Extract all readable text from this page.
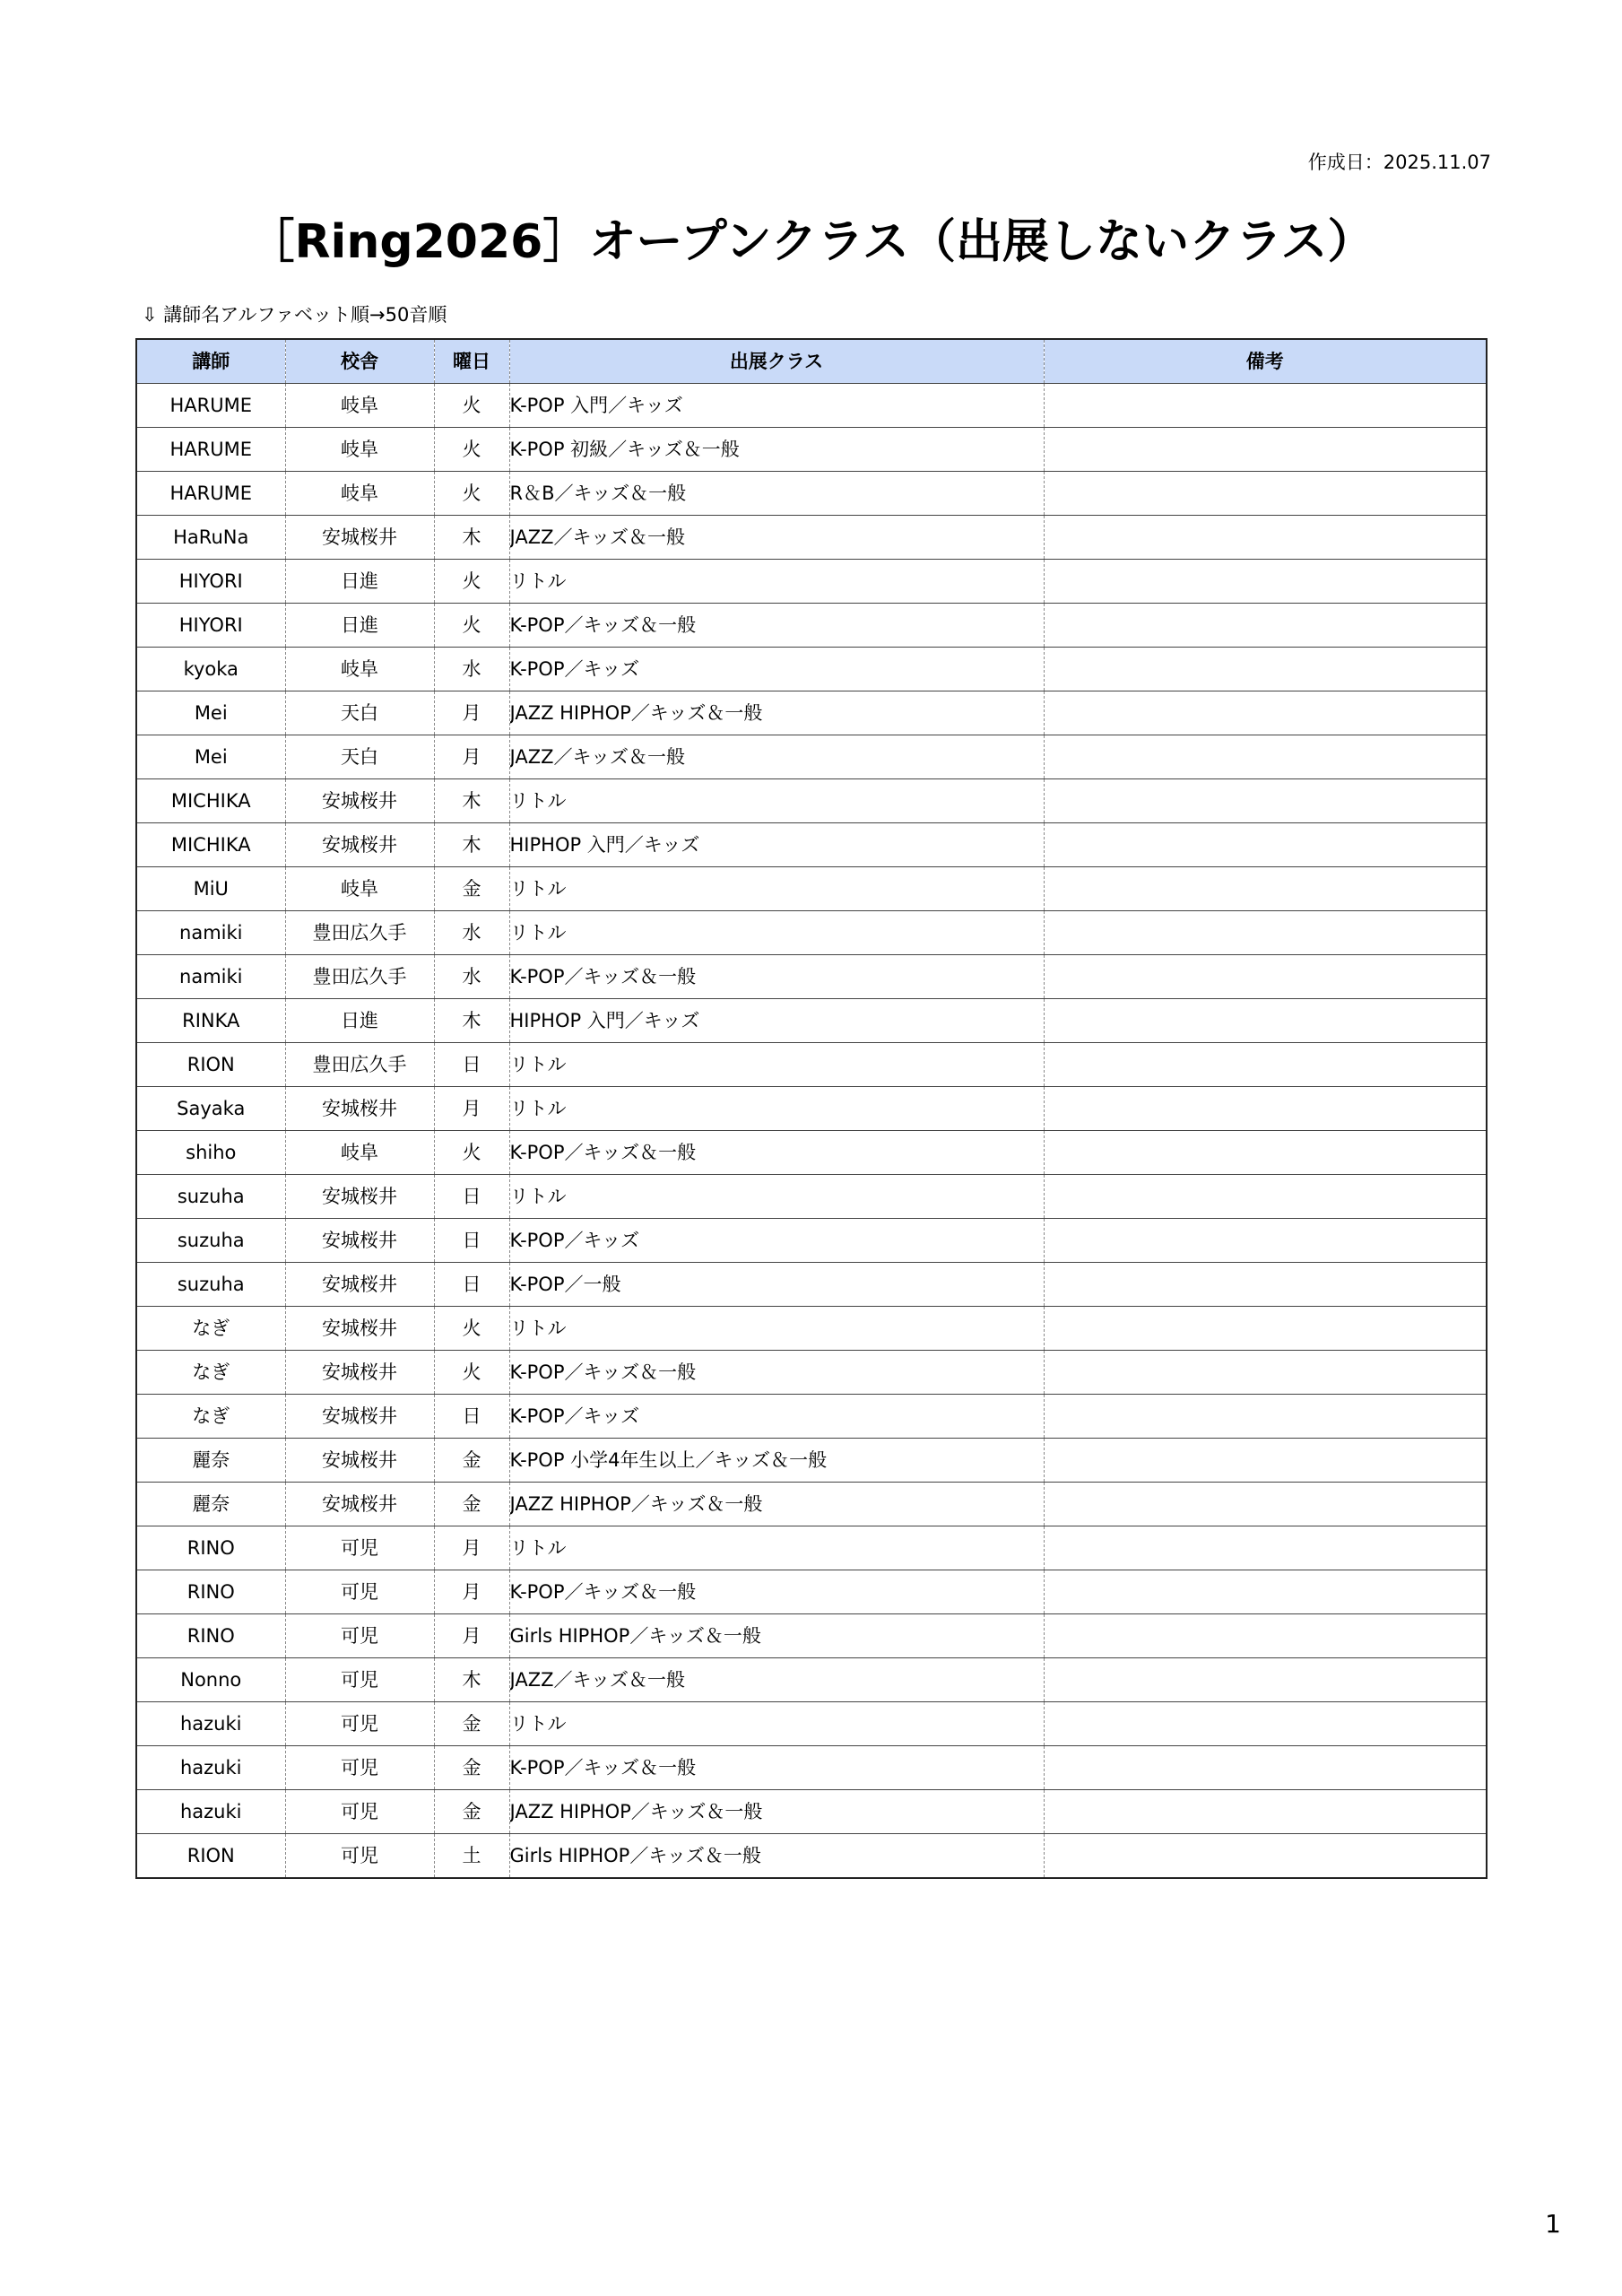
作成日：2025.11.07
［Ring2026］オープンクラス（出展しないクラス）
⇩ 講師名アルファベット順→50音順
講師	校舎	曜日	出展クラス	備考
HARUME	岐阜	火	K-POP 入門／キッズ	
HARUME	岐阜	火	K-POP 初級／キッズ＆一般	
HARUME	岐阜	火	R＆B／キッズ＆一般	
HaRuNa	安城桜井	木	JAZZ／キッズ＆一般	
HIYORI	日進	火	リトル	
HIYORI	日進	火	K-POP／キッズ＆一般	
kyoka	岐阜	水	K-POP／キッズ	
Mei	天白	月	JAZZ HIPHOP／キッズ＆一般	
Mei	天白	月	JAZZ／キッズ＆一般	
MICHIKA	安城桜井	木	リトル	
MICHIKA	安城桜井	木	HIPHOP 入門／キッズ	
MiU	岐阜	金	リトル	
namiki	豊田広久手	水	リトル	
namiki	豊田広久手	水	K-POP／キッズ＆一般	
RINKA	日進	木	HIPHOP 入門／キッズ	
RION	豊田広久手	日	リトル	
Sayaka	安城桜井	月	リトル	
shiho	岐阜	火	K-POP／キッズ＆一般	
suzuha	安城桜井	日	リトル	
suzuha	安城桜井	日	K-POP／キッズ	
suzuha	安城桜井	日	K-POP／一般	
なぎ	安城桜井	火	リトル	
なぎ	安城桜井	火	K-POP／キッズ＆一般	
なぎ	安城桜井	日	K-POP／キッズ	
麗奈	安城桜井	金	K-POP 小学4年生以上／キッズ＆一般	
麗奈	安城桜井	金	JAZZ HIPHOP／キッズ＆一般	
RINO	可児	月	リトル	
RINO	可児	月	K-POP／キッズ＆一般	
RINO	可児	月	Girls HIPHOP／キッズ＆一般	
Nonno	可児	木	JAZZ／キッズ＆一般	
hazuki	可児	金	リトル	
hazuki	可児	金	K-POP／キッズ＆一般	
hazuki	可児	金	JAZZ HIPHOP／キッズ＆一般	
RION	可児	土	Girls HIPHOP／キッズ＆一般	
1
